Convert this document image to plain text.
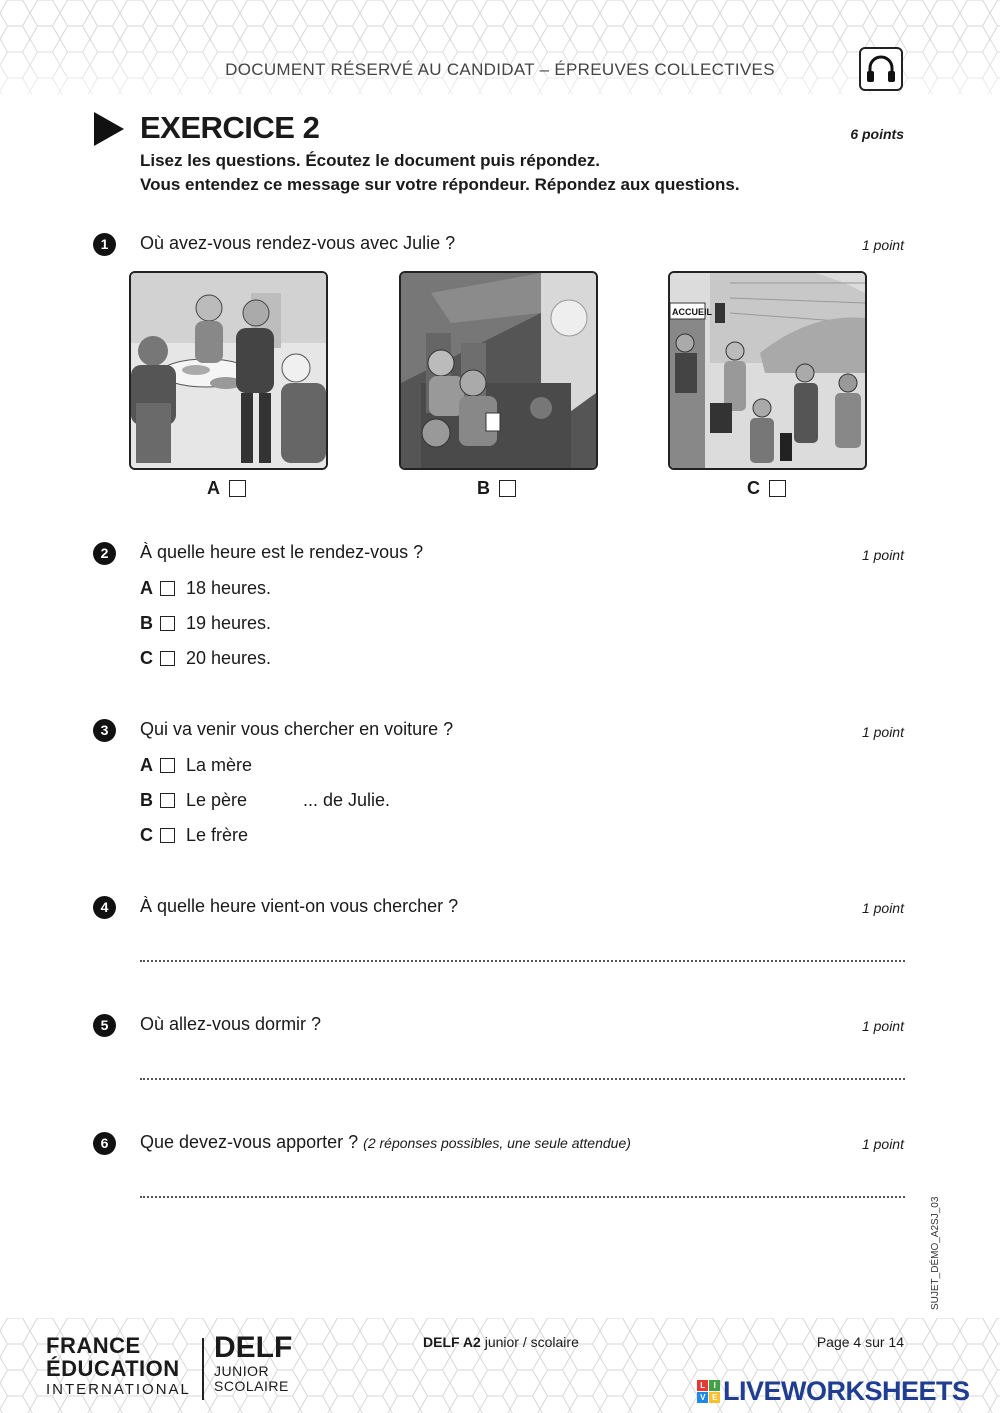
DOCUMENT RÉSERVÉ AU CANDIDAT – ÉPREUVES COLLECTIVES
EXERCICE 2	6 points
Lisez les questions. Écoutez le document puis répondez.
Vous entendez ce message sur votre répondeur. Répondez aux questions.
1	Où avez-vous rendez-vous avec Julie ?	1 point
A	B
ACCUEIL
C
2	À quelle heure est le rendez-vous ?	1 point
A	18 heures.
B	19 heures.
C	20 heures.
3	Qui va venir vous chercher en voiture ?	1 point
A	La mère
B	Le père	... de Julie.
C	Le frère
4	À quelle heure vient-on vous chercher ?	1 point
5	Où allez-vous dormir ?	1 point
6	Que devez-vous apporter ? (2 réponses possibles, une seule attendue)	1 point
SUJET_DÉMO_A2SJ_03
FRANCE
ÉDUCATION
INTERNATIONAL
DELF
JUNIOR
SCOLAIRE
DELF A2 junior / scolaire	Page 4 sur 14
L	I
V E LIVEWORKSHEETS
